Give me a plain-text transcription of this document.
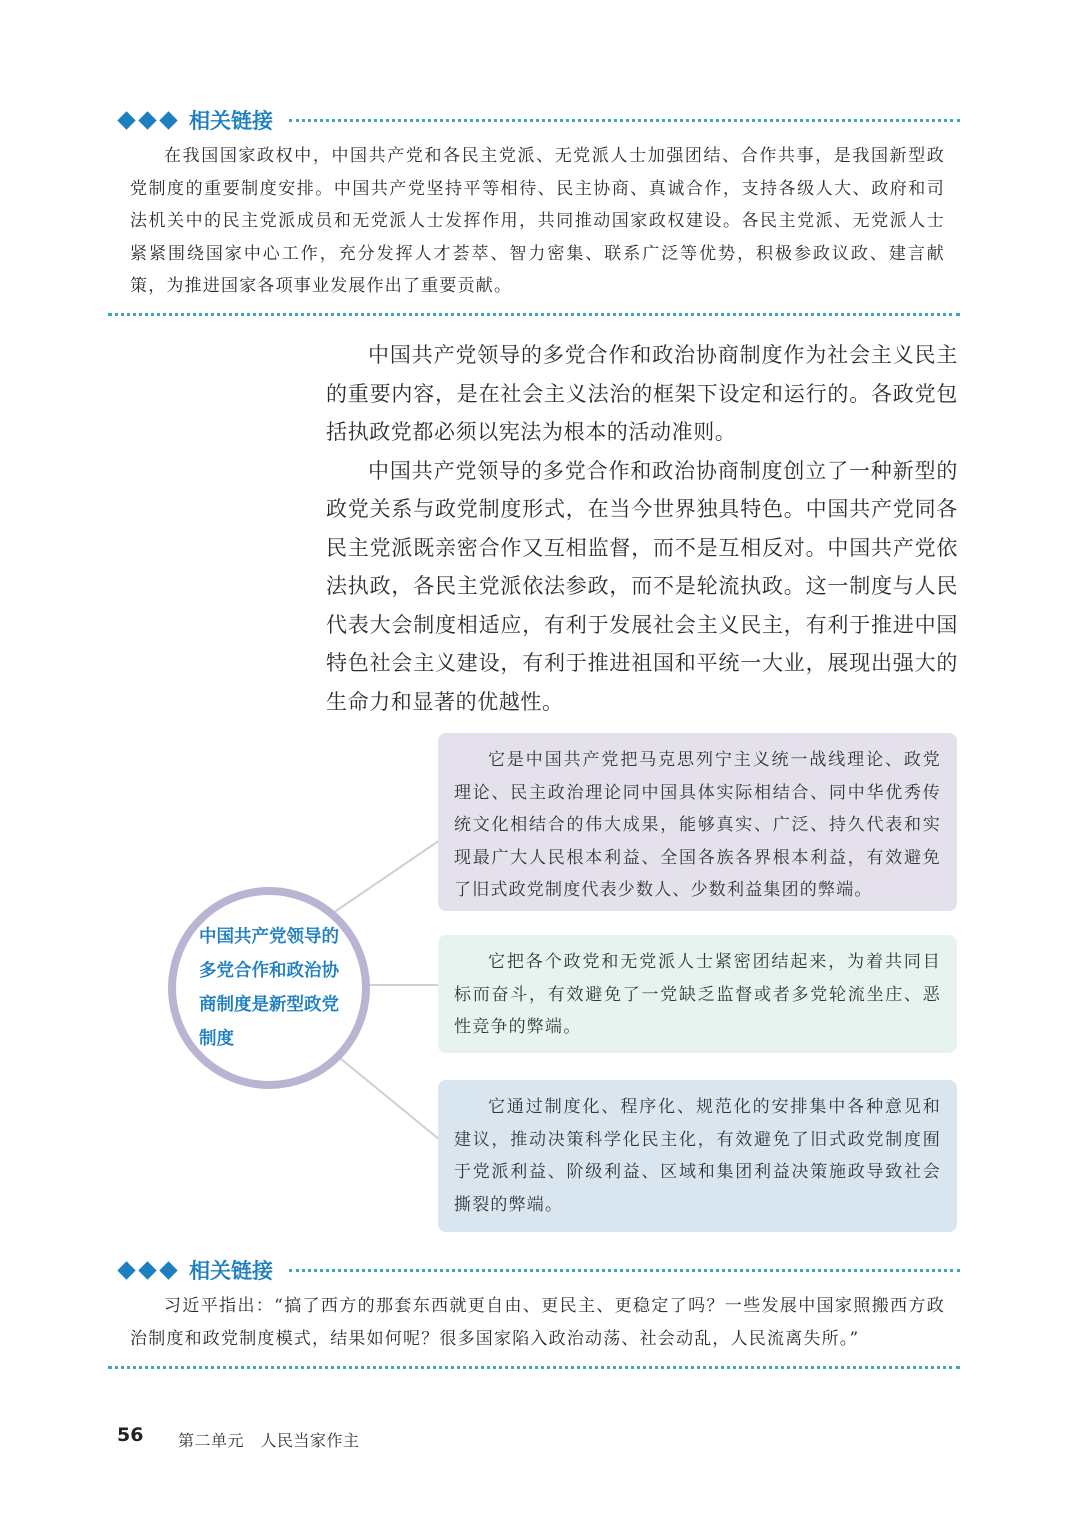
相关链接

在我国国家政权中，中国共产党和各民主党派、无党派人士加强团结、合作共事，是我国新型政党制度的重要制度安排。中国共产党坚持平等相待、民主协商、真诚合作，支持各级人大、政府和司法机关中的民主党派成员和无党派人士发挥作用，共同推动国家政权建设。各民主党派、无党派人士紧紧围绕国家中心工作，充分发挥人才荟萃、智力密集、联系广泛等优势，积极参政议政、建言献策，为推进国家各项事业发展作出了重要贡献。

中国共产党领导的多党合作和政治协商制度作为社会主义民主的重要内容，是在社会主义法治的框架下设定和运行的。各政党包括执政党都必须以宪法为根本的活动准则。

中国共产党领导的多党合作和政治协商制度创立了一种新型的政党关系与政党制度形式，在当今世界独具特色。中国共产党同各民主党派既亲密合作又互相监督，而不是互相反对。中国共产党依法执政，各民主党派依法参政，而不是轮流执政。这一制度与人民代表大会制度相适应，有利于发展社会主义民主，有利于推进中国特色社会主义建设，有利于推进祖国和平统一大业，展现出强大的生命力和显著的优越性。

中国共产党领导的多党合作和政治协商制度是新型政党制度

它是中国共产党把马克思列宁主义统一战线理论、政党理论、民主政治理论同中国具体实际相结合、同中华优秀传统文化相结合的伟大成果，能够真实、广泛、持久代表和实现最广大人民根本利益、全国各族各界根本利益，有效避免了旧式政党制度代表少数人、少数利益集团的弊端。

它把各个政党和无党派人士紧密团结起来，为着共同目标而奋斗，有效避免了一党缺乏监督或者多党轮流坐庄、恶性竞争的弊端。

它通过制度化、程序化、规范化的安排集中各种意见和建议，推动决策科学化民主化，有效避免了旧式政党制度囿于党派利益、阶级利益、区域和集团利益决策施政导致社会撕裂的弊端。

相关链接

习近平指出：“搞了西方的那套东西就更自由、更民主、更稳定了吗？一些发展中国家照搬西方政治制度和政党制度模式，结果如何呢？很多国家陷入政治动荡、社会动乱，人民流离失所。”

56 第二单元　人民当家作主
